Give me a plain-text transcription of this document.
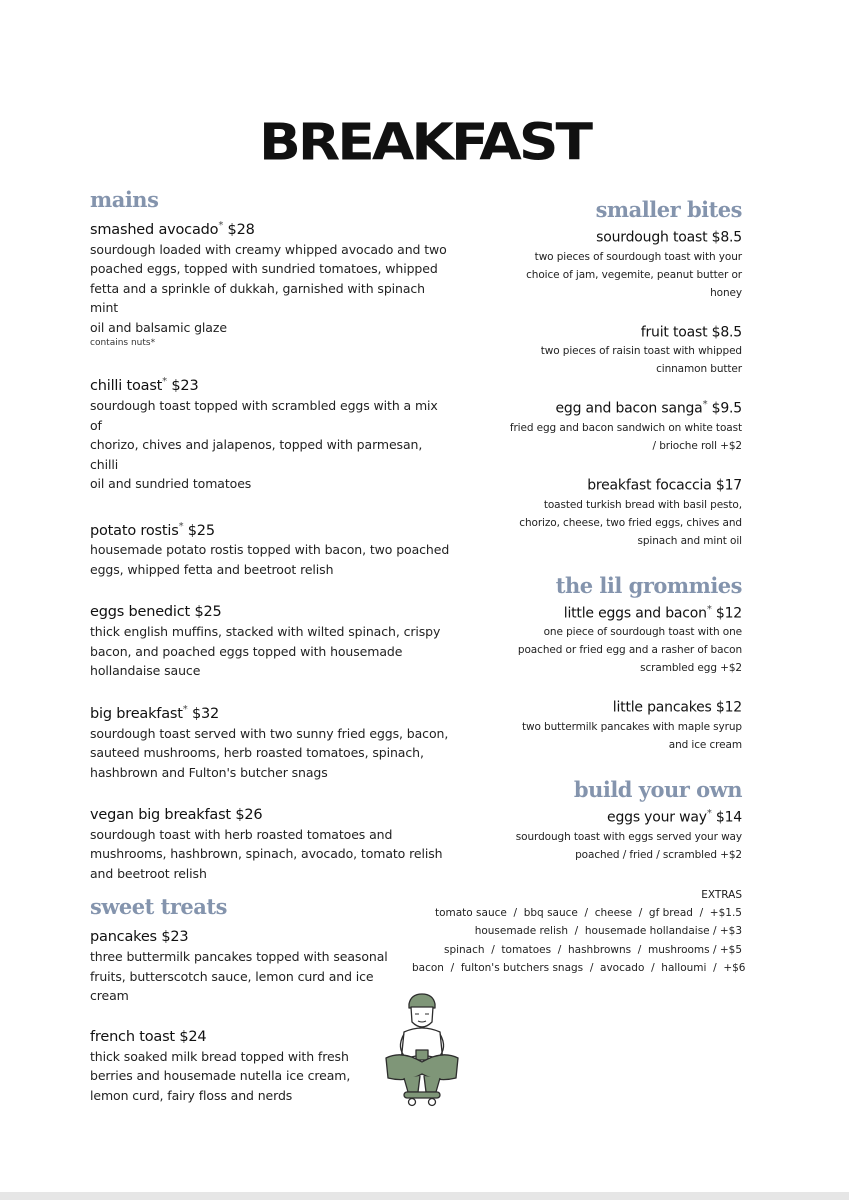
BREAKFAST
mains
smashed avocado* $28
sourdough loaded with creamy whipped avocado and two
poached eggs, topped with sundried tomatoes, whipped
fetta and a sprinkle of dukkah, garnished with spinach mint
oil and balsamic glaze
contains nuts*
chilli toast* $23
sourdough toast topped with scrambled eggs with a mix of
chorizo, chives and jalapenos, topped with parmesan, chilli
oil and sundried tomatoes
potato rostis* $25
housemade potato rostis topped with bacon, two poached
eggs, whipped fetta and beetroot relish
eggs benedict $25
thick english muffins, stacked with wilted spinach, crispy
bacon, and poached eggs topped with housemade
hollandaise sauce
big breakfast* $32
sourdough toast served with two sunny fried eggs, bacon,
sauteed mushrooms, herb roasted tomatoes, spinach,
hashbrown and Fulton's butcher snags
vegan big breakfast $26
sourdough toast with herb roasted tomatoes and
mushrooms, hashbrown, spinach, avocado, tomato relish
and beetroot relish
sweet treats
pancakes $23
three buttermilk pancakes topped with seasonal
fruits, butterscotch sauce, lemon curd and ice
cream
french toast $24
thick soaked milk bread topped with fresh
berries and housemade nutella ice cream,
lemon curd, fairy floss and nerds
smaller bites
sourdough toast $8.5
two pieces of sourdough toast with your
choice of jam, vegemite, peanut butter or
honey
fruit toast $8.5
two pieces of raisin toast with whipped
cinnamon butter
egg and bacon sanga* $9.5
fried egg and bacon sandwich on white toast
/ brioche roll +$2
breakfast focaccia $17
toasted turkish bread with basil pesto,
chorizo, cheese, two fried eggs, chives and
spinach and mint oil
the lil grommies
little eggs and bacon* $12
one piece of sourdough toast with one
poached or fried egg and a rasher of bacon
scrambled egg +$2
little pancakes $12
two buttermilk pancakes with maple syrup
and ice cream
build your own
eggs your way* $14
sourdough toast with eggs served your way
poached / fried / scrambled +$2
EXTRAS
tomato sauce  /  bbq sauce  /  cheese  /  gf bread  /  +$1.5
housemade relish  /  housemade hollandaise / +$3
spinach  /  tomatoes  /  hashbrowns  /  mushrooms / +$5
bacon  /  fulton's butchers snags  /  avocado  /  halloumi  /  +$6
